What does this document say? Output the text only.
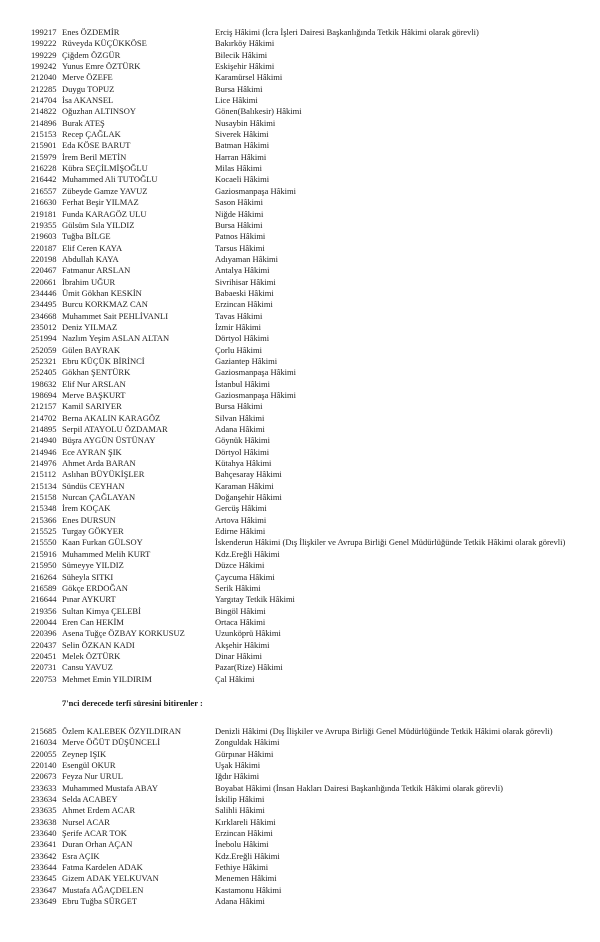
199217 Enes ÖZDEMİR	Erciş Hâkimi (İcra İşleri Dairesi Başkanlığında Tetkik Hâkimi olarak görevli)
199222 Rüveyda KÜÇÜKKÖSE	Bakırköy Hâkimi
199229 Çiğdem ÖZGÜR	Bilecik Hâkimi
199242 Yunus Emre ÖZTÜRK	Eskişehir Hâkimi
212040 Merve ÖZEFE	Karamürsel Hâkimi
212285 Duygu TOPUZ	Bursa Hâkimi
214704 İsa AKANSEL	Lice Hâkimi
214822 Oğuzhan ALTINSOY	Gönen(Balıkesir) Hâkimi
214896 Burak ATEŞ	Nusaybin Hâkimi
215153 Recep ÇAĞLAK	Siverek Hâkimi
215901 Eda KÖSE BARUT	Batman Hâkimi
215979 İrem Beril METİN	Harran Hâkimi
216228 Kübra SEÇİLMİŞOĞLU	Milas Hâkimi
216442 Muhammed Ali TUTOĞLU	Kocaeli Hâkimi
216557 Zübeyde Gamze YAVUZ	Gaziosmanpaşa Hâkimi
216630 Ferhat Beşir YILMAZ	Sason Hâkimi
219181 Funda KARAGÖZ ULU	Niğde Hâkimi
219355 Gülsüm Sıla YILDIZ	Bursa Hâkimi
219603 Tuğba BİLGE	Patnos Hâkimi
220187 Elif Ceren KAYA	Tarsus Hâkimi
220198 Abdullah KAYA	Adıyaman Hâkimi
220467 Fatmanur ARSLAN	Antalya Hâkimi
220661 İbrahim UĞUR	Sivrihisar Hâkimi
234446 Ümit Gökhan KESKİN	Babaeski Hâkimi
234495 Burcu KORKMAZ CAN	Erzincan Hâkimi
234668 Muhammet Sait PEHLİVANLI	Tavas Hâkimi
235012 Deniz YILMAZ	İzmir Hâkimi
251994 Nazlım Yeşim ASLAN ALTAN	Dörtyol Hâkimi
252059 Gülen BAYRAK	Çorlu Hâkimi
252321 Ebru KÜÇÜK BİRİNCİ	Gaziantep Hâkimi
252405 Gökhan ŞENTÜRK	Gaziosmanpaşa Hâkimi
198632 Elif Nur ARSLAN	İstanbul Hâkimi
198694 Merve BAŞKURT	Gaziosmanpaşa Hâkimi
212157 Kamil SARIYER	Bursa Hâkimi
214702 Berna AKALIN KARAGÖZ	Silvan Hâkimi
214895 Serpil ATAYOLU ÖZDAMAR	Adana Hâkimi
214940 Büşra AYGÜN ÜSTÜNAY	Göynük Hâkimi
214946 Ece AYRAN ŞIK	Dörtyol Hâkimi
214976 Ahmet Arda BARAN	Kütahya Hâkimi
215112 Aslıhan BÜYÜKİŞLER	Bahçesaray Hâkimi
215134 Sündüs CEYHAN	Karaman Hâkimi
215158 Nurcan ÇAĞLAYAN	Doğanşehir Hâkimi
215348 İrem KOÇAK	Gercüş Hâkimi
215366 Enes DURSUN	Artova Hâkimi
215525 Turgay GÖKYER	Edirne Hâkimi
215550 Kaan Furkan GÜLSOY	İskenderun Hâkimi (Dış İlişkiler ve Avrupa Birliği Genel Müdürlüğünde Tetkik Hâkimi olarak görevli)
215916 Muhammed Melih KURT	Kdz.Ereğli Hâkimi
215950 Sümeyye YILDIZ	Düzce Hâkimi
216264 Süheyla SITKI	Çaycuma Hâkimi
216589 Gökçe ERDOĞAN	Serik Hâkimi
216644 Pınar AYKURT	Yargıtay Tetkik Hâkimi
219356 Sultan Kimya ÇELEBİ	Bingöl Hâkimi
220044 Eren Can HEKİM	Ortaca Hâkimi
220396 Asena Tuğçe ÖZBAY KORKUSUZ	Uzunköprü Hâkimi
220437 Selin ÖZKAN KADI	Akşehir Hâkimi
220451 Melek ÖZTÜRK	Dinar Hâkimi
220731 Cansu YAVUZ	Pazar(Rize) Hâkimi
220753 Mehmet Emin YILDIRIM	Çal Hâkimi
7'nci derecede terfi süresini bitirenler :
215685 Özlem KALEBEK ÖZYILDIRAN	Denizli Hâkimi (Dış İlişkiler ve Avrupa Birliği Genel Müdürlüğünde Tetkik Hâkimi olarak görevli)
216034 Merve ÖĞÜT DÜŞÜNCELİ	Zonguldak Hâkimi
220055 Zeynep IŞIK	Gürpınar Hâkimi
220140 Esengül OKUR	Uşak Hâkimi
220673 Feyza Nur URUL	Iğdır Hâkimi
233633 Muhammed Mustafa ABAY	Boyabat Hâkimi (İnsan Hakları Dairesi Başkanlığında Tetkik Hâkimi olarak görevli)
233634 Selda ACABEY	İskilip Hâkimi
233635 Ahmet Erdem ACAR	Salihli Hâkimi
233638 Nursel ACAR	Kırklareli Hâkimi
233640 Şerife ACAR TOK	Erzincan Hâkimi
233641 Duran Orhan AÇAN	İnebolu Hâkimi
233642 Esra AÇIK	Kdz.Ereğli Hâkimi
233644 Fatma Kardelen ADAK	Fethiye Hâkimi
233645 Gizem ADAK YELKUVAN	Menemen Hâkimi
233647 Mustafa AĞAÇDELEN	Kastamonu Hâkimi
233649 Ebru Tuğba SÜRGET	Adana Hâkimi
